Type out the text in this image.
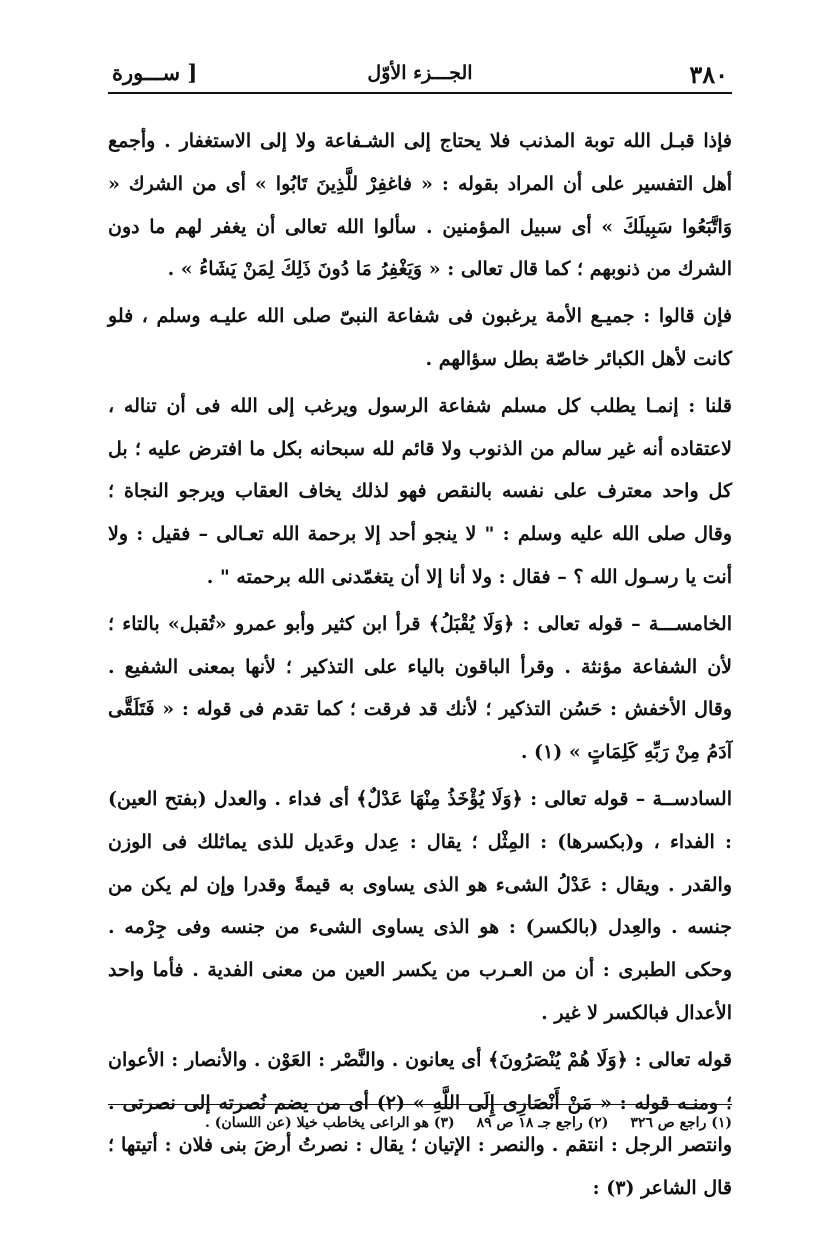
٣٨٠
الجـــزء الأوّل
[ ســـورة

فإذا قبـل الله توبة المذنب فلا يحتاج إلى الشـفاعة ولا إلى الاستغفار . وأجمع أهل التفسير على أن المراد بقوله : « فاغفِرْ للَّذِينَ تَابُوا » أى من الشرك « وَاتَّبَعُوا سَبِيلَكَ » أى سبيل المؤمنين . سألوا الله تعالى أن يغفر لهم ما دون الشرك من ذنوبهم ؛ كما قال تعالى : « وَيَغْفِرُ مَا دُونَ ذَلِكَ لِمَنْ يَشَاءُ » .

فإن قالوا : جميـع الأمة يرغبون فى شفاعة النبىّ صلى الله عليـه وسلم ، فلو كانت لأهل الكبائر خاصّة بطل سؤالهم .

قلنا : إنمـا يطلب كل مسلم شفاعة الرسول ويرغب إلى الله فى أن تناله ، لاعتقاده أنه غير سالم من الذنوب ولا قائم لله سبحانه بكل ما افترض عليه ؛ بل كل واحد معترف على نفسه بالنقص فهو لذلك يخاف العقاب ويرجو النجاة ؛ وقال صلى الله عليه وسلم : " لا ينجو أحد إلا برحمة الله تعـالى – فقيل : ولا أنت يا رسـول الله ؟ – فقال : ولا أنا إلا أن يتغمّدنى الله برحمته " .

الخامســـة – قوله تعالى : ﴿وَلَا يُقْبَلُ﴾ قرأ ابن كثير وأبو عمرو «تُقبل» بالتاء ؛ لأن الشفاعة مؤنثة . وقرأ الباقون بالياء على التذكير ؛ لأنها بمعنى الشفيع . وقال الأخفش : حَسُن التذكير ؛ لأنك قد فرقت ؛ كما تقدم فى قوله : « فَتَلَقَّى آدَمُ مِنْ رَبِّهِ كَلِمَاتٍ » (١) .

السادســة – قوله تعالى : ﴿وَلَا يُؤْخَذُ مِنْهَا عَدْلٌ﴾ أى فداء . والعدل (بفتح العين) : الفداء ، و(بكسرها) : المِثْل ؛ يقال : عِدل وعَديل للذى يماثلك فى الوزن والقدر . ويقال : عَدْلُ الشىء هو الذى يساوى به قيمةً وقدرا وإن لم يكن من جنسه . والعِدل (بالكسر) : هو الذى يساوى الشىء من جنسه وفى جِرْمه . وحكى الطبرى : أن من العـرب من يكسر العين من معنى الفدية . فأما واحد الأعدال فبالكسر لا غير .

قوله تعالى : ﴿وَلَا هُمْ يُنْصَرُونَ﴾ أى يعانون . والنَّصْر : العَوْن . والأنصار : الأعوان ؛ ومنـه قوله : « مَنْ أَنْصَارِى إِلَى اللَّهِ » (٢) أى من يضم نُصرته إلى نصرتى . وانتصر الرجل : انتقم . والنصر : الإتيان ؛ يقال : نصرتُ أرضَ بنى فلان : أتيتها ؛ قال الشاعر (٣) :

(١) راجع ص ٣٢٦
(٢) راجع جـ ١٨ ص ٨٩
(٣) هو الراعى يخاطب خيلا (عن اللسان) .
